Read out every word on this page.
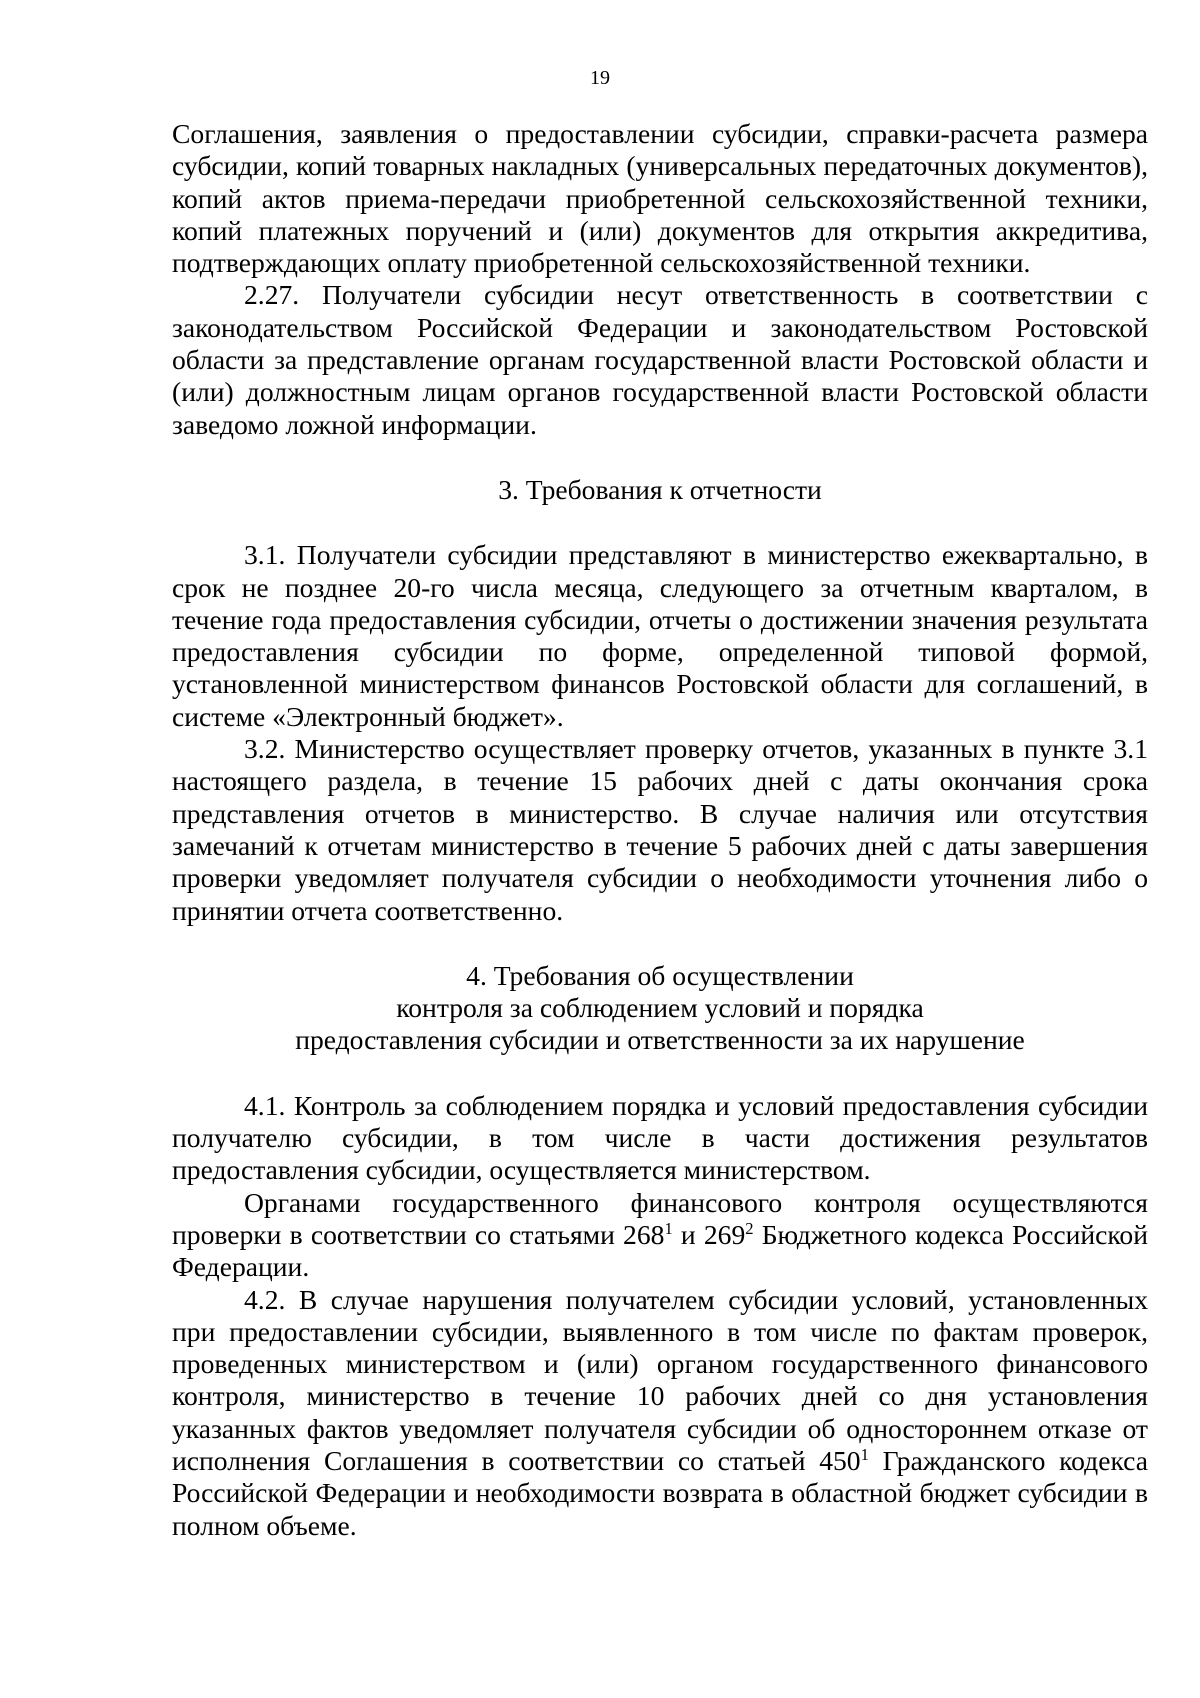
19

Соглашения, заявления о предоставлении субсидии, справки-расчета размера субсидии, копий товарных накладных (универсальных передаточных документов), копий актов приема-передачи приобретенной сельскохозяйственной техники, копий платежных поручений и (или) документов для открытия аккредитива, подтверждающих оплату приобретенной сельскохозяйственной техники.

2.27. Получатели субсидии несут ответственность в соответствии с законодательством Российской Федерации и законодательством Ростовской области за представление органам государственной власти Ростовской области и (или) должностным лицам органов государственной власти Ростовской области заведомо ложной информации.

3. Требования к отчетности

3.1. Получатели субсидии представляют в министерство ежеквартально, в срок не позднее 20-го числа месяца, следующего за отчетным кварталом, в течение года предоставления субсидии, отчеты о достижении значения результата предоставления субсидии по форме, определенной типовой формой, установленной министерством финансов Ростовской области для соглашений, в системе «Электронный бюджет».

3.2. Министерство осуществляет проверку отчетов, указанных в пункте 3.1 настоящего раздела, в течение 15 рабочих дней с даты окончания срока представления отчетов в министерство. В случае наличия или отсутствия замечаний к отчетам министерство в течение 5 рабочих дней с даты завершения проверки уведомляет получателя субсидии о необходимости уточнения либо о принятии отчета соответственно.

4. Требования об осуществлении
контроля за соблюдением условий и порядка
предоставления субсидии и ответственности за их нарушение

4.1. Контроль за соблюдением порядка и условий предоставления субсидии получателю субсидии, в том числе в части достижения результатов предоставления субсидии, осуществляется министерством.

Органами государственного финансового контроля осуществляются проверки в соответствии со статьями $268^1$ и $269^2$ Бюджетного кодекса Российской Федерации.

4.2. В случае нарушения получателем субсидии условий, установленных при предоставлении субсидии, выявленного в том числе по фактам проверок, проведенных министерством и (или) органом государственного финансового контроля, министерство в течение 10 рабочих дней со дня установления указанных фактов уведомляет получателя субсидии об одностороннем отказе от исполнения Соглашения в соответствии со статьей $450^1$ Гражданского кодекса Российской Федерации и необходимости возврата в областной бюджет субсидии в полном объеме.
